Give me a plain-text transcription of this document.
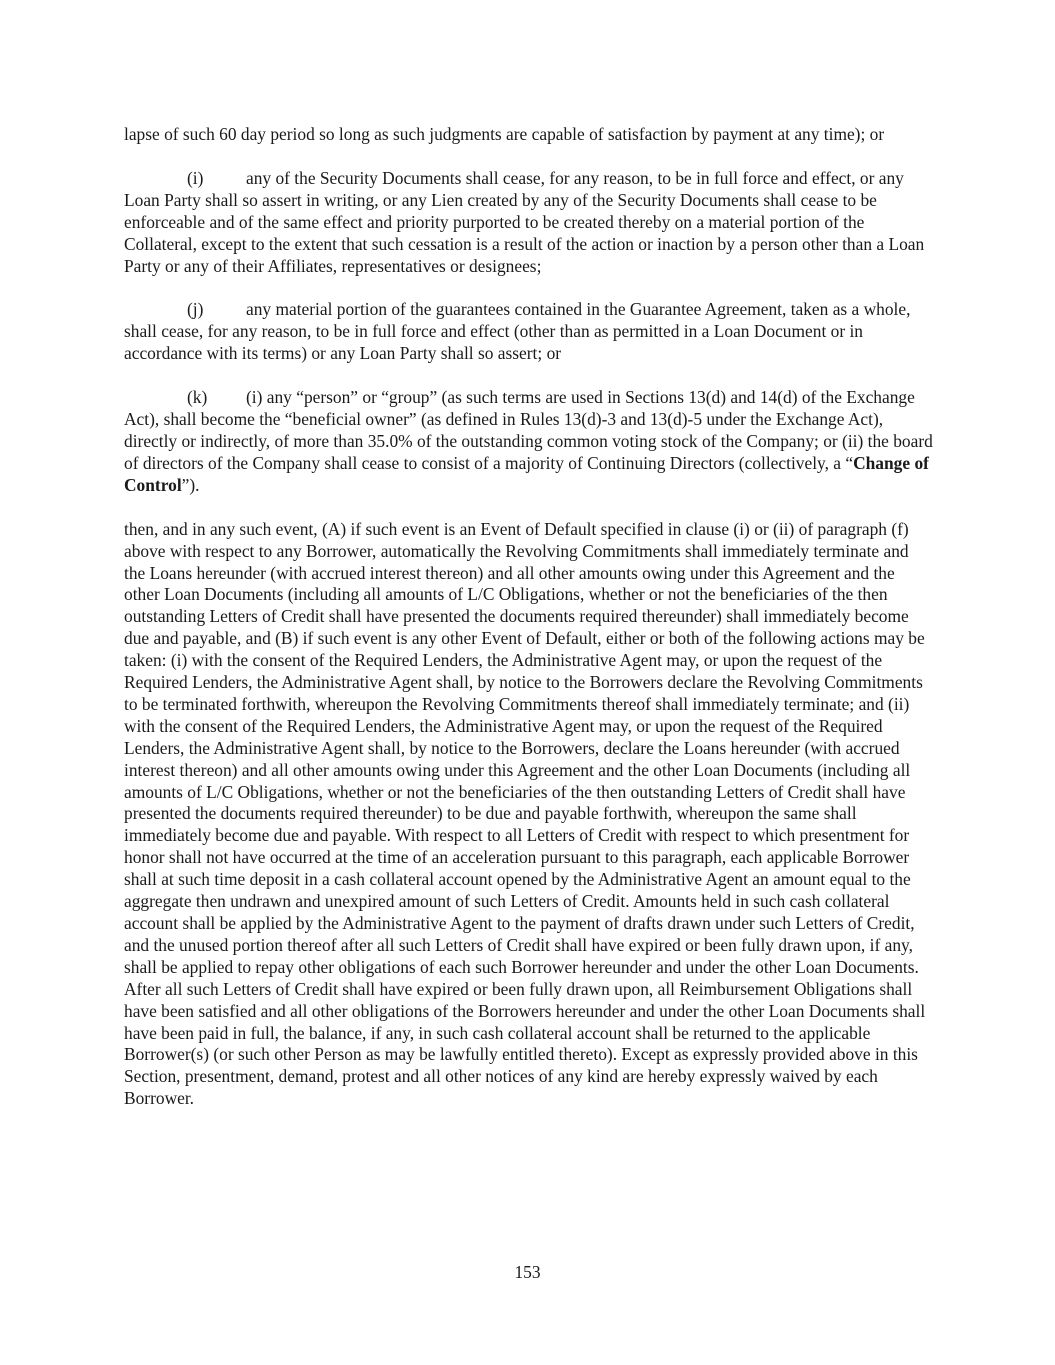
lapse of such 60 day period so long as such judgments are capable of satisfaction by payment at any time); or

(i) any of the Security Documents shall cease, for any reason, to be in full force and effect, or any Loan Party shall so assert in writing, or any Lien created by any of the Security Documents shall cease to be enforceable and of the same effect and priority purported to be created thereby on a material portion of the Collateral, except to the extent that such cessation is a result of the action or inaction by a person other than a Loan Party or any of their Affiliates, representatives or designees;

(j) any material portion of the guarantees contained in the Guarantee Agreement, taken as a whole, shall cease, for any reason, to be in full force and effect (other than as permitted in a Loan Document or in accordance with its terms) or any Loan Party shall so assert; or

(k) (i) any “person” or “group” (as such terms are used in Sections 13(d) and 14(d) of the Exchange Act), shall become the “beneficial owner” (as defined in Rules 13(d)-3 and 13(d)-5 under the Exchange Act), directly or indirectly, of more than 35.0% of the outstanding common voting stock of the Company; or (ii) the board of directors of the Company shall cease to consist of a majority of Continuing Directors (collectively, a “Change of Control”).

then, and in any such event, (A) if such event is an Event of Default specified in clause (i) or (ii) of paragraph (f) above with respect to any Borrower, automatically the Revolving Commitments shall immediately terminate and the Loans hereunder (with accrued interest thereon) and all other amounts owing under this Agreement and the other Loan Documents (including all amounts of L/C Obligations, whether or not the beneficiaries of the then outstanding Letters of Credit shall have presented the documents required thereunder) shall immediately become due and payable, and (B) if such event is any other Event of Default, either or both of the following actions may be taken: (i) with the consent of the Required Lenders, the Administrative Agent may, or upon the request of the Required Lenders, the Administrative Agent shall, by notice to the Borrowers declare the Revolving Commitments to be terminated forthwith, whereupon the Revolving Commitments thereof shall immediately terminate; and (ii) with the consent of the Required Lenders, the Administrative Agent may, or upon the request of the Required Lenders, the Administrative Agent shall, by notice to the Borrowers, declare the Loans hereunder (with accrued interest thereon) and all other amounts owing under this Agreement and the other Loan Documents (including all amounts of L/C Obligations, whether or not the beneficiaries of the then outstanding Letters of Credit shall have presented the documents required thereunder) to be due and payable forthwith, whereupon the same shall immediately become due and payable. With respect to all Letters of Credit with respect to which presentment for honor shall not have occurred at the time of an acceleration pursuant to this paragraph, each applicable Borrower shall at such time deposit in a cash collateral account opened by the Administrative Agent an amount equal to the aggregate then undrawn and unexpired amount of such Letters of Credit. Amounts held in such cash collateral account shall be applied by the Administrative Agent to the payment of drafts drawn under such Letters of Credit, and the unused portion thereof after all such Letters of Credit shall have expired or been fully drawn upon, if any, shall be applied to repay other obligations of each such Borrower hereunder and under the other Loan Documents. After all such Letters of Credit shall have expired or been fully drawn upon, all Reimbursement Obligations shall have been satisfied and all other obligations of the Borrowers hereunder and under the other Loan Documents shall have been paid in full, the balance, if any, in such cash collateral account shall be returned to the applicable Borrower(s) (or such other Person as may be lawfully entitled thereto). Except as expressly provided above in this Section, presentment, demand, protest and all other notices of any kind are hereby expressly waived by each Borrower.

153
